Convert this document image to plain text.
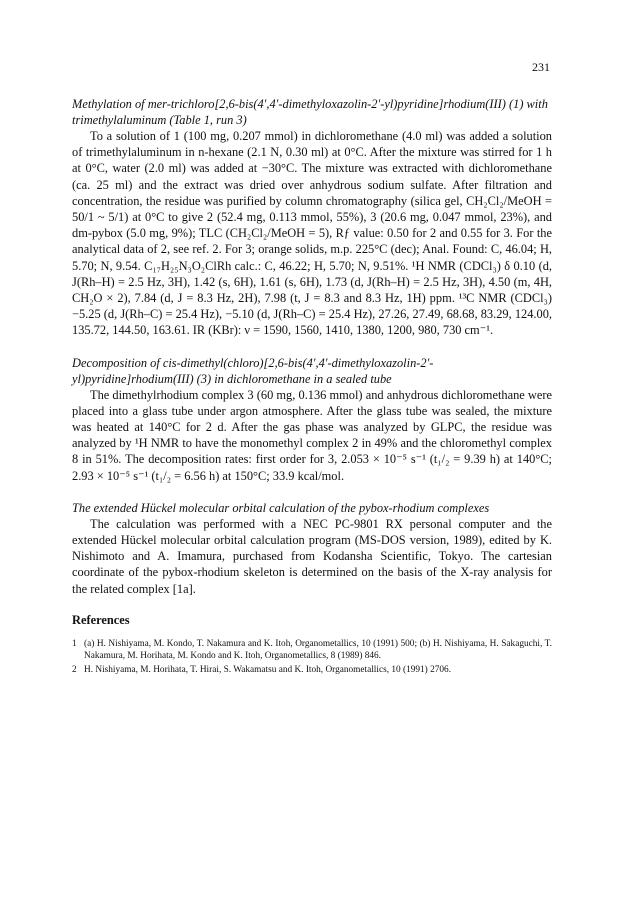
231

Methylation of mer-trichloro[2,6-bis(4′,4′-dimethyloxazolin-2′-yl)pyridine]rhodium(III) (1) with trimethylaluminum (Table 1, run 3)

To a solution of 1 (100 mg, 0.207 mmol) in dichloromethane (4.0 ml) was added a solution of trimethylaluminum in n-hexane (2.1 N, 0.30 ml) at 0°C. After the mixture was stirred for 1 h at 0°C, water (2.0 ml) was added at −30°C. The mixture was extracted with dichloromethane (ca. 25 ml) and the extract was dried over anhydrous sodium sulfate. After filtration and concentration, the residue was purified by column chromatography (silica gel, CH₂Cl₂/MeOH = 50/1 ~ 5/1) at 0°C to give 2 (52.4 mg, 0.113 mmol, 55%), 3 (20.6 mg, 0.047 mmol, 23%), and dm-pybox (5.0 mg, 9%); TLC (CH₂Cl₂/MeOH = 5), Rƒ value: 0.50 for 2 and 0.55 for 3. For the analytical data of 2, see ref. 2. For 3; orange solids, m.p. 225°C (dec); Anal. Found: C, 46.04; H, 5.70; N, 9.54. C₁₇H₂₅N₃O₂ClRh calc.: C, 46.22; H, 5.70; N, 9.51%. ¹H NMR (CDCl₃) δ 0.10 (d, J(Rh–H) = 2.5 Hz, 3H), 1.42 (s, 6H), 1.61 (s, 6H), 1.73 (d, J(Rh–H) = 2.5 Hz, 3H), 4.50 (m, 4H, CH₂O × 2), 7.84 (d, J = 8.3 Hz, 2H), 7.98 (t, J = 8.3 and 8.3 Hz, 1H) ppm. ¹³C NMR (CDCl₃) −5.25 (d, J(Rh–C) = 25.4 Hz), −5.10 (d, J(Rh–C) = 25.4 Hz), 27.26, 27.49, 68.68, 83.29, 124.00, 135.72, 144.50, 163.61. IR (KBr): ν = 1590, 1560, 1410, 1380, 1200, 980, 730 cm⁻¹.

Decomposition of cis-dimethyl(chloro)[2,6-bis(4′,4′-dimethyloxazolin-2′-yl)pyridine]rhodium(III) (3) in dichloromethane in a sealed tube

The dimethylrhodium complex 3 (60 mg, 0.136 mmol) and anhydrous dichloromethane were placed into a glass tube under argon atmosphere. After the glass tube was sealed, the mixture was heated at 140°C for 2 d. After the gas phase was analyzed by GLPC, the residue was analyzed by ¹H NMR to have the monomethyl complex 2 in 49% and the chloromethyl complex 8 in 51%. The decomposition rates: first order for 3, 2.053 × 10⁻⁵ s⁻¹ (t₁/₂ = 9.39 h) at 140°C; 2.93 × 10⁻⁵ s⁻¹ (t₁/₂ = 6.56 h) at 150°C; 33.9 kcal/mol.

The extended Hückel molecular orbital calculation of the pybox-rhodium complexes

The calculation was performed with a NEC PC-9801 RX personal computer and the extended Hückel molecular orbital calculation program (MS-DOS version, 1989), edited by K. Nishimoto and A. Imamura, purchased from Kodansha Scientific, Tokyo. The cartesian coordinate of the pybox-rhodium skeleton is determined on the basis of the X-ray analysis for the related complex [1a].

References
1 (a) H. Nishiyama, M. Kondo, T. Nakamura and K. Itoh, Organometallics, 10 (1991) 500; (b) H. Nishiyama, H. Sakaguchi, T. Nakamura, M. Horihata, M. Kondo and K. Itoh, Organometallics, 8 (1989) 846.
2 H. Nishiyama, M. Horihata, T. Hirai, S. Wakamatsu and K. Itoh, Organometallics, 10 (1991) 2706.
